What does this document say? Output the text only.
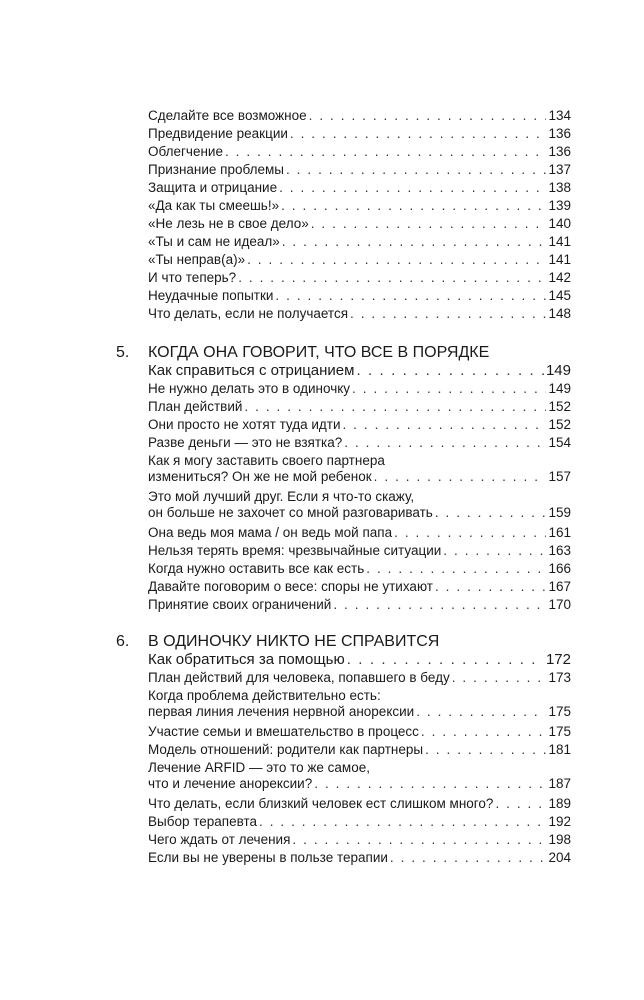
Сделайте все возможное . . .	134
Предвидение реакции . . .	136
Облегчение . . .	136
Признание проблемы . . .	137
Защита и отрицание . . .	138
«Да как ты смеешь!» . . .	139
«Не лезь не в свое дело» . . .	140
«Ты и сам не идеал» . . .	141
«Ты неправ(а)» . . .	141
И что теперь? . . .	142
Неудачные попытки . . .	145
Что делать, если не получается . . .	148
5. КОГДА ОНА ГОВОРИТ, ЧТО ВСЕ В ПОРЯДКЕ
Как справиться с отрицанием . . .	149
Не нужно делать это в одиночку . . .	149
План действий . . .	152
Они просто не хотят туда идти . . .	152
Разве деньги — это не взятка? . . .	154
Как я могу заставить своего партнера
измениться? Он же не мой ребенок . . .	157
Это мой лучший друг. Если я что-то скажу,
он больше не захочет со мной разговаривать . . .	159
Она ведь моя мама / он ведь мой папа . . .	161
Нельзя терять время: чрезвычайные ситуации . . .	163
Когда нужно оставить все как есть . . .	166
Давайте поговорим о весе: споры не утихают . . .	167
Принятие своих ограничений . . .	170
6. В ОДИНОЧКУ НИКТО НЕ СПРАВИТСЯ
Как обратиться за помощью . . .	172
План действий для человека, попавшего в беду . . .	173
Когда проблема действительно есть:
первая линия лечения нервной анорексии . . .	175
Участие семьи и вмешательство в процесс . . .	175
Модель отношений: родители как партнеры . . .	181
Лечение ARFID — это то же самое,
что и лечение анорексии? . . .	187
Что делать, если близкий человек ест слишком много? . . .	189
Выбор терапевта . . .	192
Чего ждать от лечения . . .	198
Если вы не уверены в пользе терапии . . .	204
